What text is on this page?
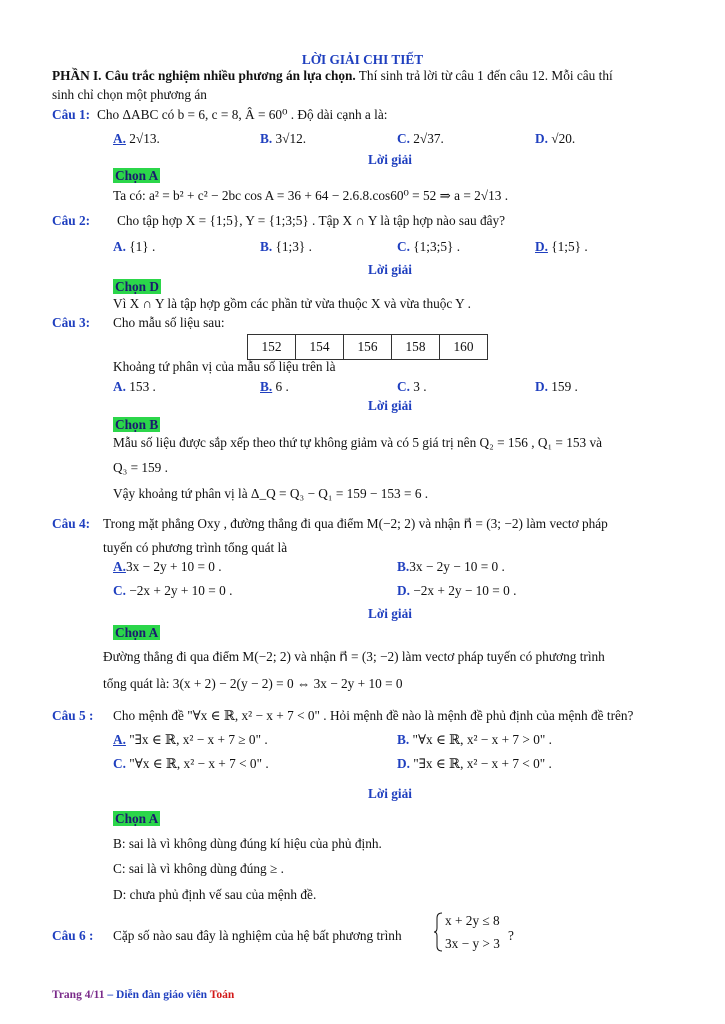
LỜI GIẢI CHI TIẾT
PHẦN I. Câu trắc nghiệm nhiều phương án lựa chọn. Thí sinh trả lời từ câu 1 đến câu 12. Mỗi câu thí
sinh chỉ chọn một phương án
Câu 1: Cho ΔABC có b = 6, c = 8, Â = 60⁰ . Độ dài cạnh a là:
A. 2√13.	B. 3√12.	C. 2√37.	D. √20.
Lời giải
Chọn A
Ta có: a² = b² + c² − 2bc cos A = 36 + 64 − 2.6.8.cos60⁰ = 52 ⇒ a = 2√13 .
Câu 2: Cho tập hợp X = {1;5}, Y = {1;3;5} . Tập X ∩ Y là tập hợp nào sau đây?
A. {1} .	B. {1;3} .	C. {1;3;5} .	D. {1;5} .
Lời giải
Chọn D
Vì X ∩ Y là tập hợp gồm các phần tử vừa thuộc X và vừa thuộc Y .
Câu 3: Cho mẫu số liệu sau:
152	154	156	158	160
Khoảng tứ phân vị của mẫu số liệu trên là
A. 153 .	B. 6 .	C. 3 .	D. 159 .
Lời giải
Chọn B
Mẫu số liệu được sắp xếp theo thứ tự không giảm và có 5 giá trị nên Q₂ = 156 , Q₁ = 153 và
Q₃ = 159 .
Vậy khoảng tứ phân vị là Δ_Q = Q₃ − Q₁ = 159 − 153 = 6 .
Câu 4: Trong mặt phẳng Oxy , đường thẳng đi qua điểm M(−2; 2) và nhận n⃗ = (3; −2) làm vectơ pháp
tuyến có phương trình tổng quát là
A.3x − 2y + 10 = 0 .	B.3x − 2y − 10 = 0 .
C. −2x + 2y + 10 = 0 .	D. −2x + 2y − 10 = 0 .
Lời giải
Chọn A
Đường thẳng đi qua điểm M(−2; 2) và nhận n⃗ = (3; −2) làm vectơ pháp tuyến có phương trình
tổng quát là: 3(x + 2) − 2(y − 2) = 0 ⇔ 3x − 2y + 10 = 0
Câu 5 : Cho mệnh đề "∀x ∈ ℝ, x² − x + 7 < 0" . Hỏi mệnh đề nào là mệnh đề phủ định của mệnh đề trên?
A. "∃x ∈ ℝ, x² − x + 7 ≥ 0" .	B. "∀x ∈ ℝ, x² − x + 7 > 0" .
C. "∀x ∈ ℝ, x² − x + 7 < 0" .	D. "∃x ∈ ℝ, x² − x + 7 < 0" .
Lời giải
Chọn A
B: sai là vì không dùng đúng kí hiệu của phủ định.
C: sai là vì không dùng đúng ≥ .
D: chưa phủ định vế sau của mệnh đề.
Câu 6 : Cặp số nào sau đây là nghiệm của hệ bất phương trình
x + 2y ≤ 8
3x − y > 3
?
Trang 4/11 – Diễn đàn giáo viên Toán
